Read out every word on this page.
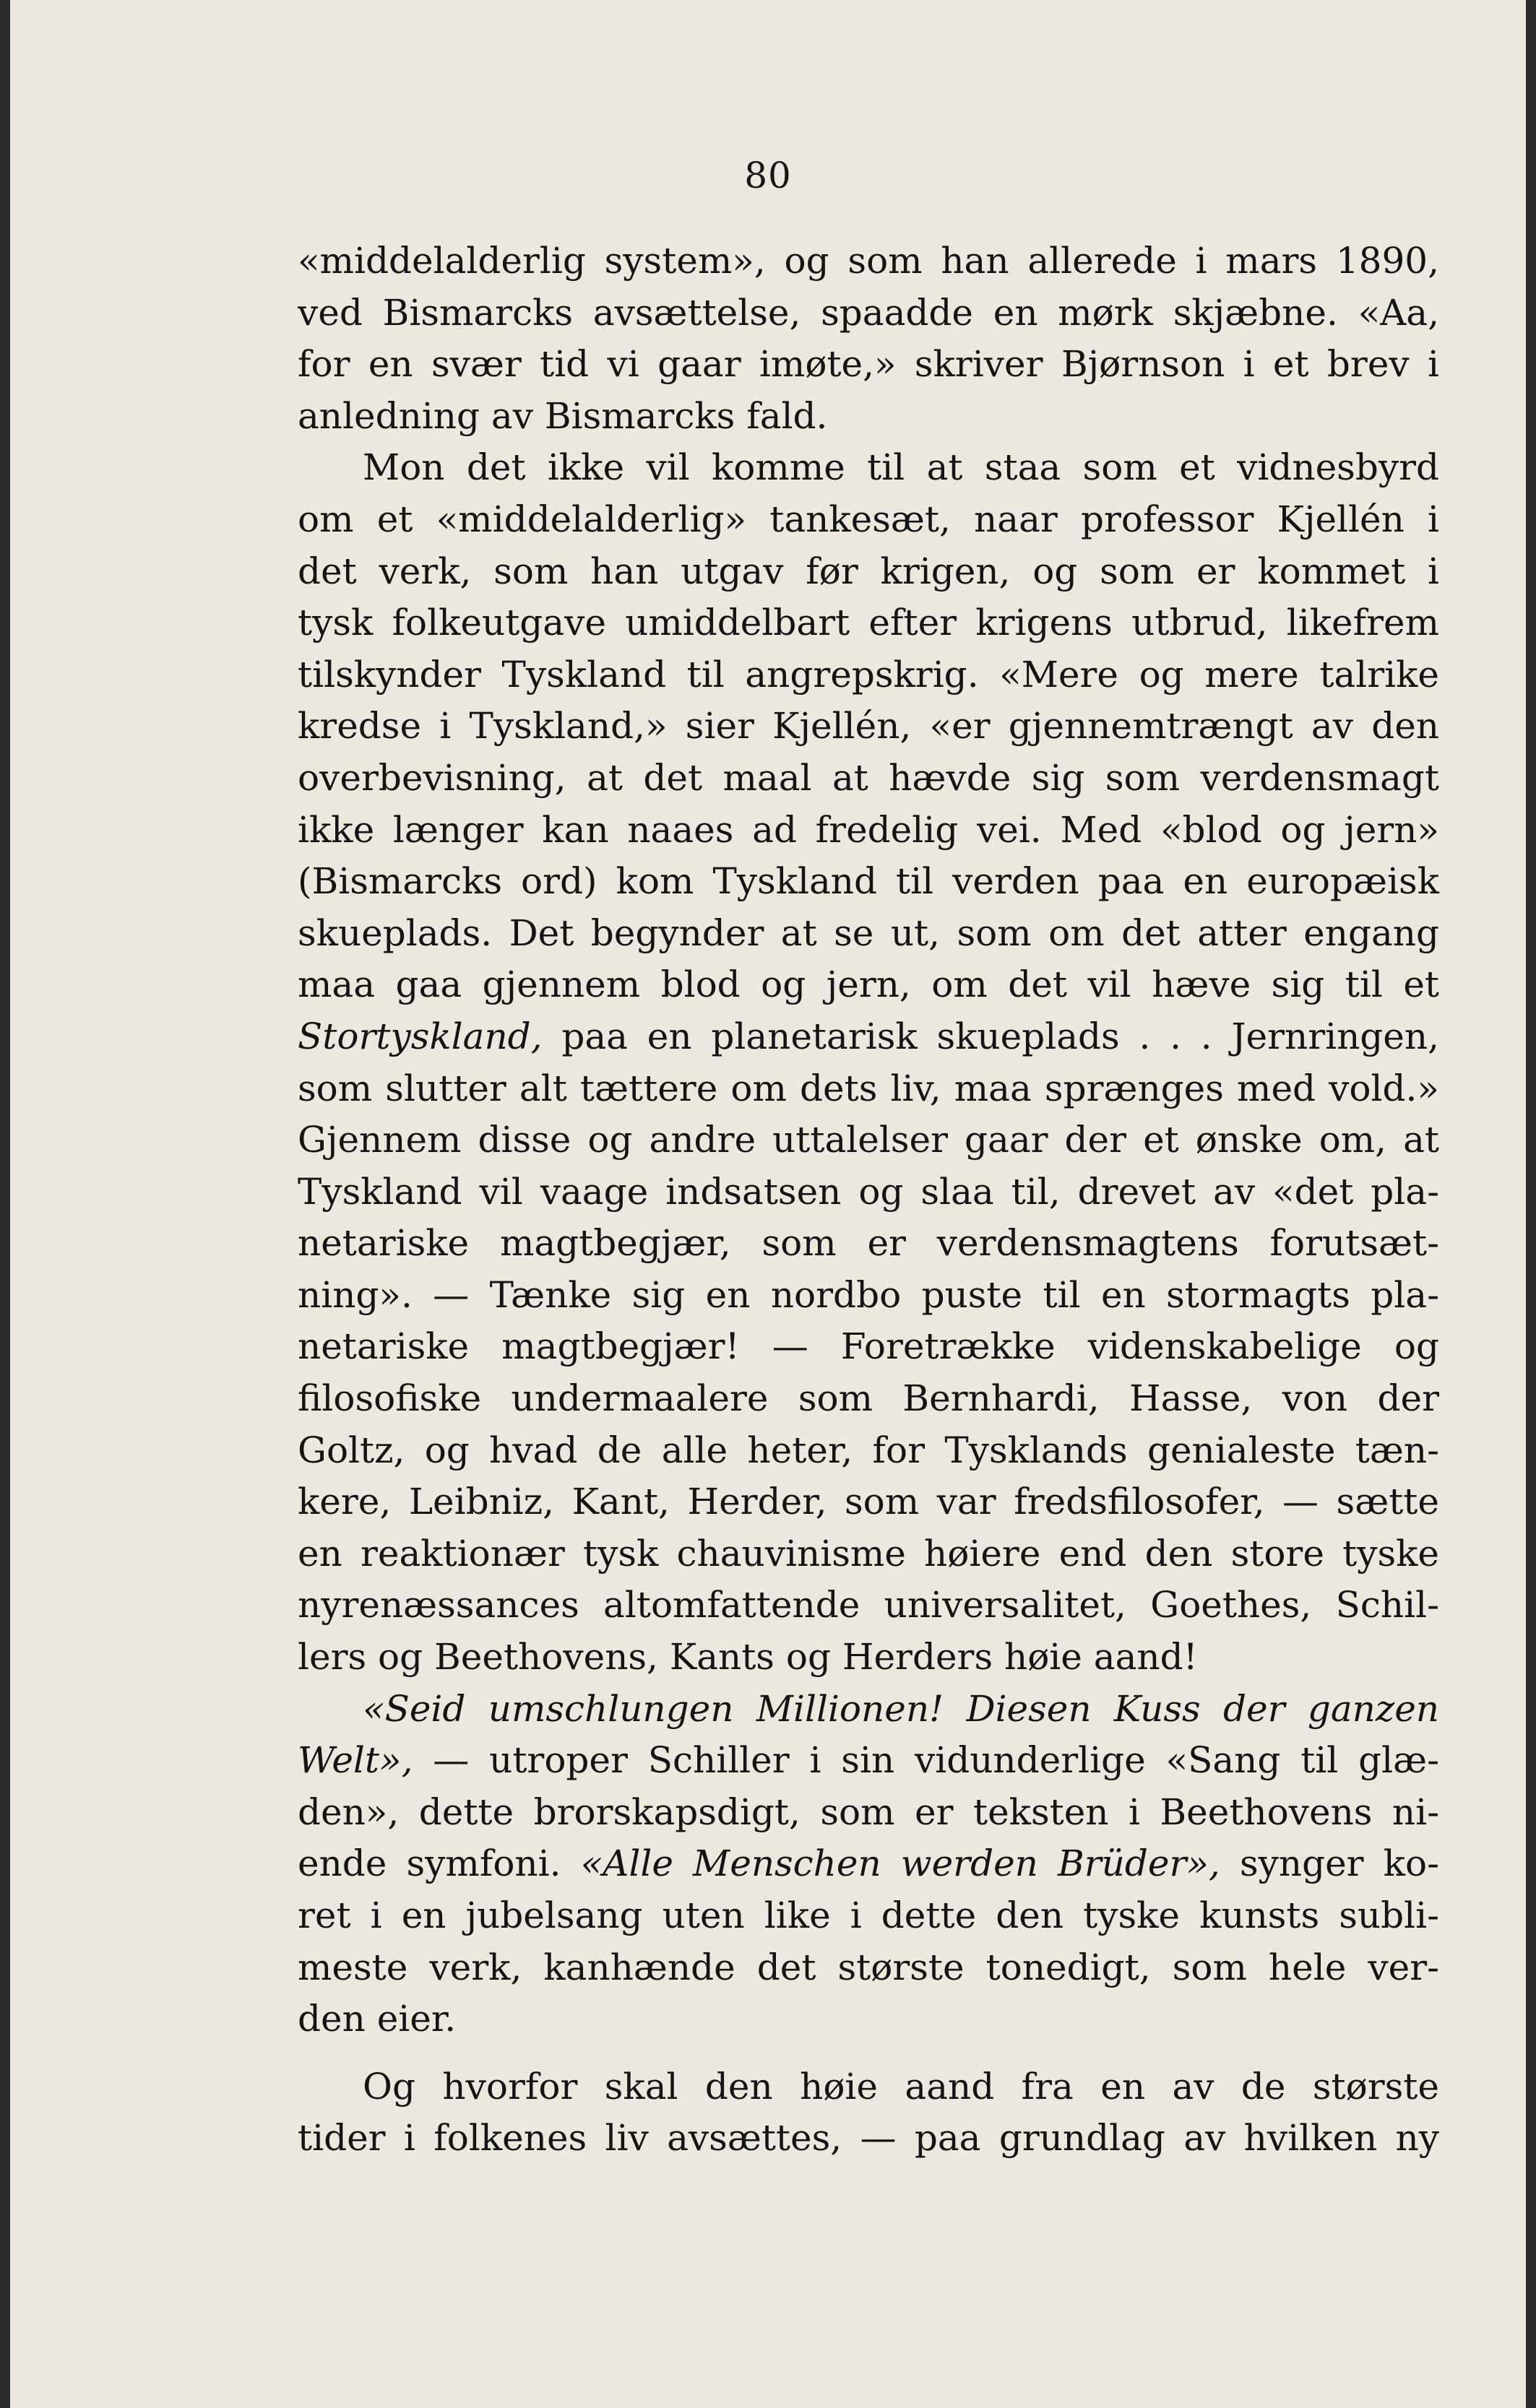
80
«middelalderlig system», og som han allerede i mars 1890,
ved Bismarcks avsættelse, spaadde en mørk skjæbne. «Aa,
for en svær tid vi gaar imøte,» skriver Bjørnson i et brev i
anledning av Bismarcks fald.
Mon det ikke vil komme til at staa som et vidnesbyrd
om et «middelalderlig» tankesæt, naar professor Kjellén i
det verk, som han utgav før krigen, og som er kommet i
tysk folkeutgave umiddelbart efter krigens utbrud, likefrem
tilskynder Tyskland til angrepskrig. «Mere og mere talrike
kredse i Tyskland,» sier Kjellén, «er gjennemtrængt av den
overbevisning, at det maal at hævde sig som verdensmagt
ikke længer kan naaes ad fredelig vei. Med «blod og jern»
(Bismarcks ord) kom Tyskland til verden paa en europæisk
skueplads. Det begynder at se ut, som om det atter engang
maa gaa gjennem blod og jern, om det vil hæve sig til et
Stortyskland, paa en planetarisk skueplads . . . Jernringen,
som slutter alt tættere om dets liv, maa sprænges med vold.»
Gjennem disse og andre uttalelser gaar der et ønske om, at
Tyskland vil vaage indsatsen og slaa til, drevet av «det pla-
netariske magtbegjær, som er verdensmagtens forutsæt-
ning». — Tænke sig en nordbo puste til en stormagts pla-
netariske magtbegjær! — Foretrække videnskabelige og
filosofiske undermaalere som Bernhardi, Hasse, von der
Goltz, og hvad de alle heter, for Tysklands genialeste tæn-
kere, Leibniz, Kant, Herder, som var fredsfilosofer, — sætte
en reaktionær tysk chauvinisme høiere end den store tyske
nyrenæssances altomfattende universalitet, Goethes, Schil-
lers og Beethovens, Kants og Herders høie aand!
«Seid umschlungen Millionen! Diesen Kuss der ganzen
Welt», — utroper Schiller i sin vidunderlige «Sang til glæ-
den», dette brorskapsdigt, som er teksten i Beethovens ni-
ende symfoni. «Alle Menschen werden Brüder», synger ko-
ret i en jubelsang uten like i dette den tyske kunsts subli-
meste verk, kanhænde det største tonedigt, som hele ver-
den eier.
Og hvorfor skal den høie aand fra en av de største
tider i folkenes liv avsættes, — paa grundlag av hvilken ny
